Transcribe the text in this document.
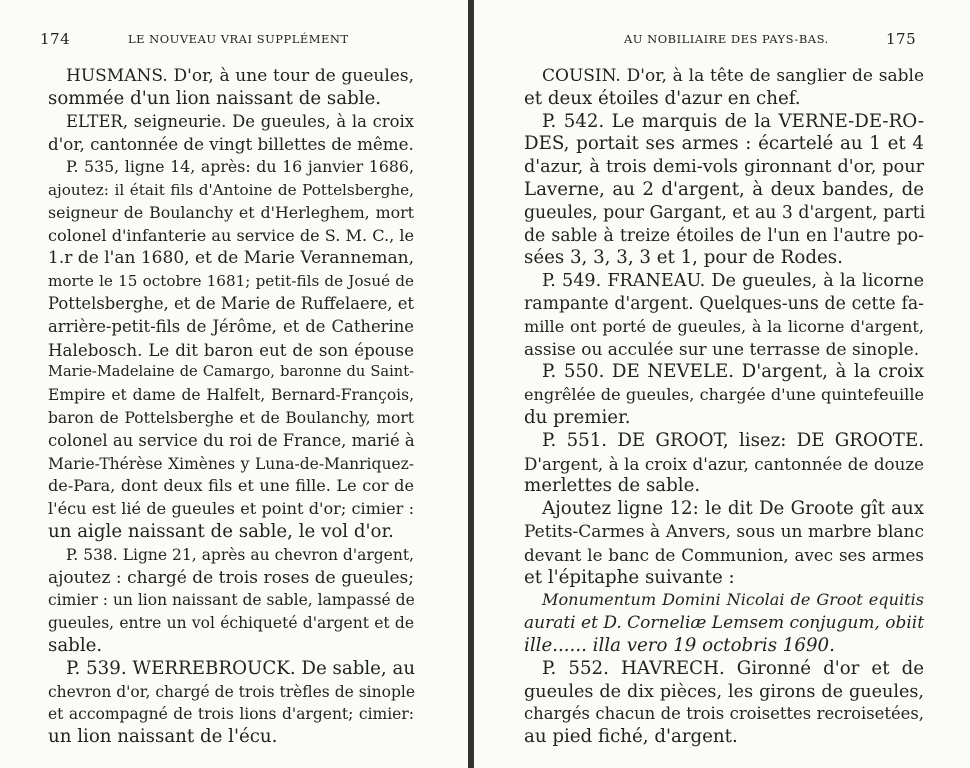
174	LE NOUVEAU VRAI SUPPLÉMENT
HUSMANS. D'or, à une tour de gueules,
sommée d'un lion naissant de sable.
ELTER, seigneurie. De gueules, à la croix
d'or, cantonnée de vingt billettes de même.
P. 535, ligne 14, après: du 16 janvier 1686,
ajoutez: il était fils d'Antoine de Pottelsberghe,
seigneur de Boulanchy et d'Herleghem, mort
colonel d'infanterie au service de S. M. C., le
1.r de l'an 1680, et de Marie Veranneman,
morte le 15 octobre 1681; petit-fils de Josué de
Pottelsberghe, et de Marie de Ruffelaere, et
arrière-petit-fils de Jérôme, et de Catherine
Halebosch. Le dit baron eut de son épouse
Marie-Madelaine de Camargo, baronne du Saint-
Empire et dame de Halfelt, Bernard-François,
baron de Pottelsberghe et de Boulanchy, mort
colonel au service du roi de France, marié à
Marie-Thérèse Ximènes y Luna-de-Manriquez-
de-Para, dont deux fils et une fille. Le cor de
l'écu est lié de gueules et point d'or; cimier :
un aigle naissant de sable, le vol d'or.
P. 538. Ligne 21, après au chevron d'argent,
ajoutez : chargé de trois roses de gueules;
cimier : un lion naissant de sable, lampassé de
gueules, entre un vol échiqueté d'argent et de
sable.
P. 539. WERREBROUCK. De sable, au
chevron d'or, chargé de trois trèfles de sinople
et accompagné de trois lions d'argent; cimier:
un lion naissant de l'écu.
AU NOBILIAIRE DES PAYS-BAS.	175
COUSIN. D'or, à la tête de sanglier de sable
et deux étoiles d'azur en chef.
P. 542. Le marquis de la VERNE-DE-RO-
DES, portait ses armes : écartelé au 1 et 4
d'azur, à trois demi-vols gironnant d'or, pour
Laverne, au 2 d'argent, à deux bandes, de
gueules, pour Gargant, et au 3 d'argent, parti
de sable à treize étoiles de l'un en l'autre po-
sées 3, 3, 3, 3 et 1, pour de Rodes.
P. 549. FRANEAU. De gueules, à la licorne
rampante d'argent. Quelques-uns de cette fa-
mille ont porté de gueules, à la licorne d'argent,
assise ou acculée sur une terrasse de sinople.
P. 550. DE NEVELE. D'argent, à la croix
engrêlée de gueules, chargée d'une quintefeuille
du premier.
P. 551. DE GROOT, lisez: DE GROOTE.
D'argent, à la croix d'azur, cantonnée de douze
merlettes de sable.
Ajoutez ligne 12: le dit De Groote gît aux
Petits-Carmes à Anvers, sous un marbre blanc
devant le banc de Communion, avec ses armes
et l'épitaphe suivante :
Monumentum Domini Nicolai de Groot equitis
aurati et D. Corneliæ Lemsem conjugum, obiit
ille...... illa vero 19 octobris 1690.
P. 552. HAVRECH. Gironné d'or et de
gueules de dix pièces, les girons de gueules,
chargés chacun de trois croisettes recroisetées,
au pied fiché, d'argent.
